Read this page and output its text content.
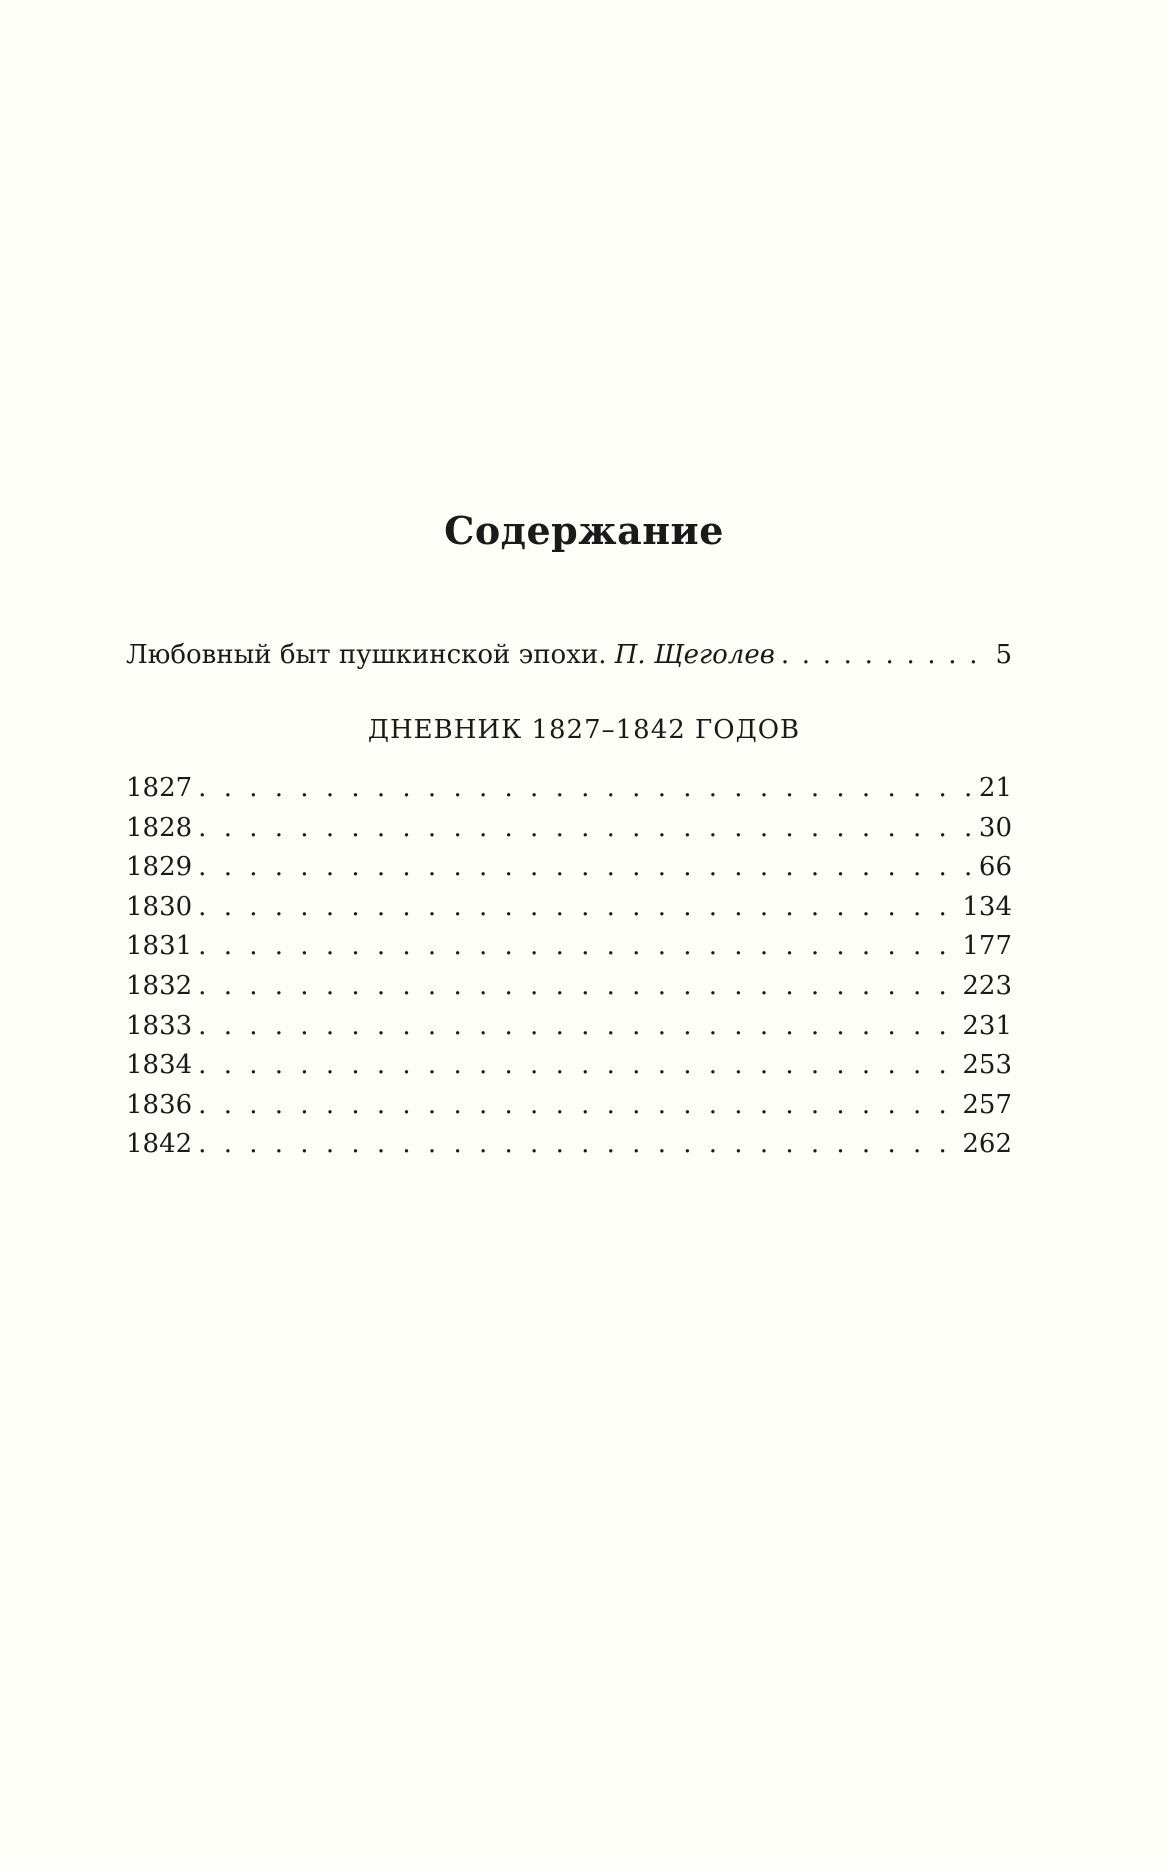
Содержание
Любовный быт пушкинской эпохи. П. Щеголев . . .	5
ДНЕВНИК 1827–1842 ГОДОВ
1827 . . .	21
1828 . . .	30
1829 . . .	66
1830 . . .	134
1831 . . .	177
1832 . . .	223
1833 . . .	231
1834 . . .	253
1836 . . .	257
1842 . . .	262
